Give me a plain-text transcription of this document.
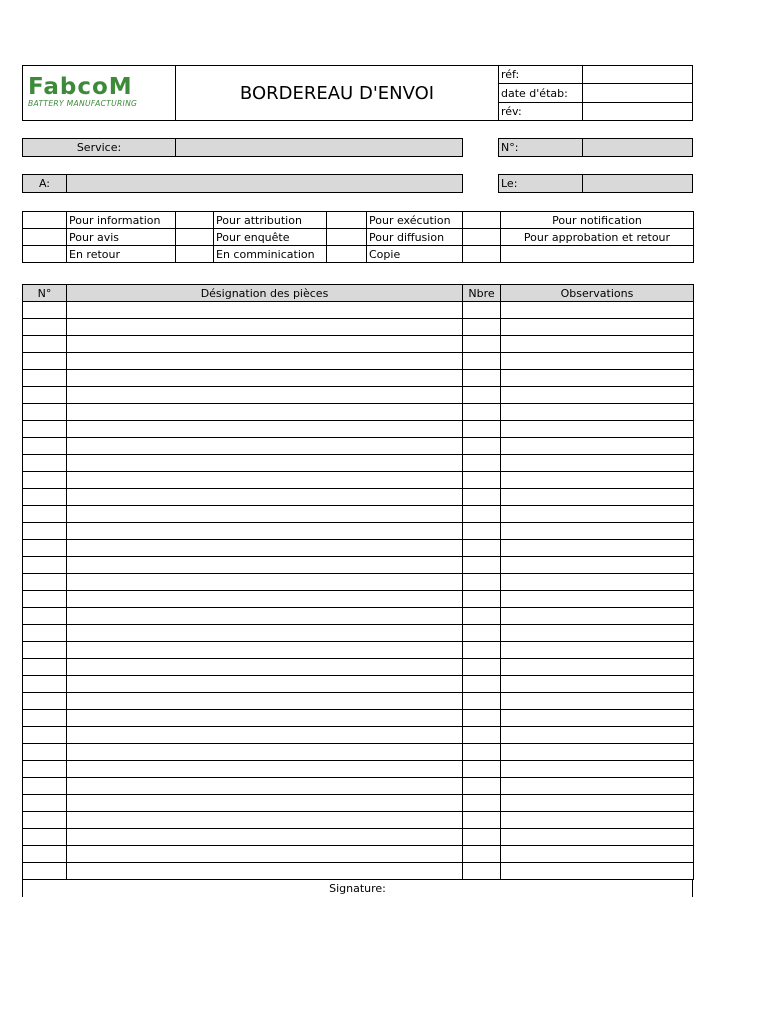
FabcoM
BATTERY MANUFACTURING	BORDEREAU D'ENVOI
réf:
date d'étab:
rév:
Service:	N°:
A:	Le:
	Pour information		Pour attribution		Pour exécution		Pour notification
	Pour avis		Pour enquête		Pour diffusion		Pour approbation et retour
	En retour		En comminication		Copie		
N°	Désignation des pièces	Nbre	Observations

Signature:
